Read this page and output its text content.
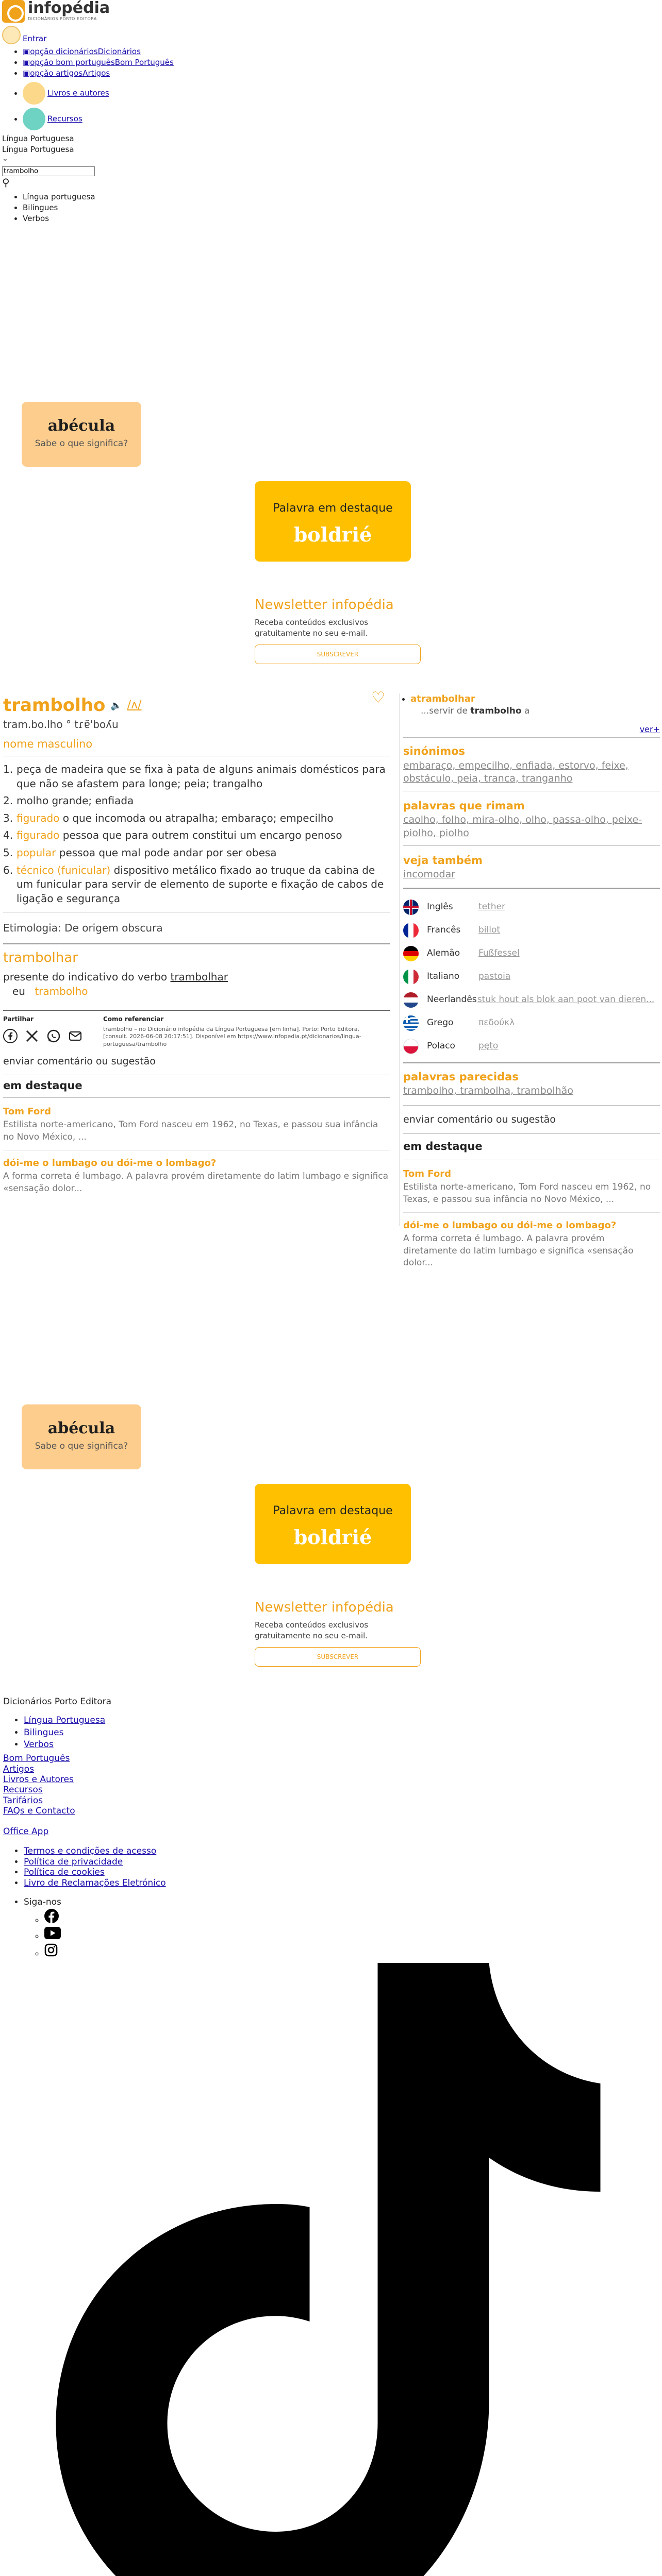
infopédia
DICIONÁRIOS PORTO EDITORA
Entrar
• ▣opção dicionáriosDicionários
• ▣opção bom portuguêsBom Português
• ▣opção artigosArtigos
• Livros e autores
• Recursos
Língua Portuguesa
Língua Portuguesa
⌄
trambolho
⚲
• Língua portuguesa
• Bilingues
• Verbos
abécula
Sabe o que significa?
Palavra em destaque
boldrié
Newsletter infopédia
Receba conteúdos exclusivos gratuitamente no seu e-mail.
SUBSCREVER
trambolho 🔈 /ʌ/
tram.bo.lho ° tɾɐ̃ˈboʎu
nome masculino
1. peça de madeira que se fixa à pata de alguns animais domésticos para que não se afastem para longe; peia; trangalho
2. molho grande; enfiada
3. figurado o que incomoda ou atrapalha; embaraço; empecilho
4. figurado pessoa que para outrem constitui um encargo penoso
5. popular pessoa que mal pode andar por ser obesa
6. técnico (funicular) dispositivo metálico fixado ao truque da cabina de um funicular para servir de elemento de suporte e fixação de cabos de ligação e segurança
Etimologia: De origem obscura
trambolhar
presente do indicativo do verbo trambolhar
eu trambolho
Partilhar	Como referenciar
trambolho – no Dicionário infopédia da Língua Portuguesa [em linha]. Porto: Porto Editora. [consult. 2026-06-08 20:17:51]. Disponível em https://www.infopedia.pt/dicionarios/lingua-portuguesa/trambolho
enviar comentário ou sugestão
em destaque
Tom Ford
Estilista norte-americano, Tom Ford nasceu em 1962, no Texas, e passou sua infância no Novo México, ...
dói-me o lumbago ou dói-me o lombago?
A forma correta é lumbago. A palavra provém diretamente do latim lumbago e significa «sensação dolor...
♡
•	atrambolhar
...servir de trambolho a
ver+
sinónimos
embaraço, empecilho, enfiada, estorvo, feixe, obstáculo, peia, tranca, tranganho
palavras que rimam
caolho, folho, mira-olho, olho, passa-olho, peixe-piolho, piolho
veja também
incomodar
Inglês	tether
Francês	billot
Alemão	Fußfessel
Italiano	pastoia
Neerlandês stuk hout als blok aan poot van dieren...
Grego	πεδούκλ
Polaco	pęto
palavras parecidas
trambolho, trambolha, trambolhão
enviar comentário ou sugestão
em destaque
Tom Ford
Estilista norte-americano, Tom Ford nasceu em 1962, no Texas, e passou sua infância no Novo México, ...
dói-me o lumbago ou dói-me o lombago?
A forma correta é lumbago. A palavra provém diretamente do latim lumbago e significa «sensação dolor...
abécula
Sabe o que significa?
Palavra em destaque
boldrié
Newsletter infopédia
Receba conteúdos exclusivos gratuitamente no seu e-mail.
SUBSCREVER
Dicionários Porto Editora
• Língua Portuguesa
• Bilingues
• Verbos
Bom Português
Artigos
Livros e Autores
Recursos
Tarifários
FAQs e Contacto
Office App
• Termos e condições de acesso
• Política de privacidade
• Política de cookies
• Livro de Reclamações Eletrónico
• Siga-nos
◦
◦
◦
◦
